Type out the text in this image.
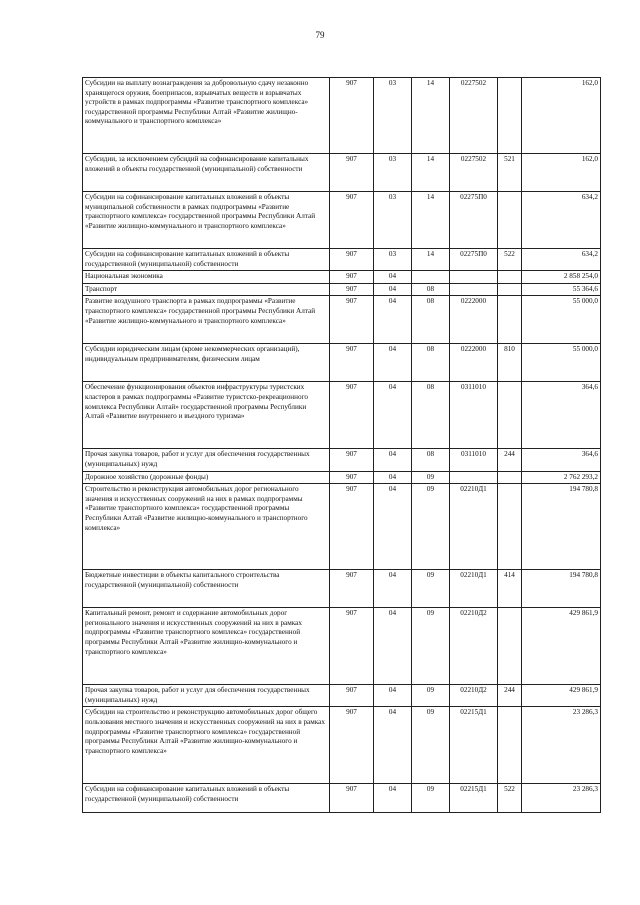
79
Субсидии на выплату вознаграждения за добровольную сдачу незаконно хранящегося оружия, боеприпасов, взрывчатых веществ и взрывчатых устройств в рамках подпрограммы «Развитие транспортного комплекса» государственной программы Республики Алтай «Развитие жилищно-коммунального и транспортного комплекса»	907	03	14	0227502		162,0
Субсидии, за исключением субсидий на софинансирование капитальных вложений в объекты государственной (муниципальной) собственности	907	03	14	0227502	521	162,0
Субсидии на софинансирование капитальных вложений в объекты муниципальной собственности в рамках подпрограммы «Развитие транспортного комплекса» государственной программы Республики Алтай «Развитие жилищно-коммунального и транспортного комплекса»	907	03	14	02275П0		634,2
Субсидии на софинансирование капитальных вложений в объекты государственной (муниципальной) собственности	907	03	14	02275П0	522	634,2
Национальная экономика	907	04				2 858 254,0
Транспорт	907	04	08			55 364,6
Развитие воздушного транспорта в рамках подпрограммы «Развитие транспортного комплекса» государственной программы Республики Алтай «Развитие жилищно-коммунального и транспортного комплекса»	907	04	08	0222000		55 000,0
Субсидии юридическим лицам (кроме некоммерческих организаций), индивидуальным предпринимателям, физическим лицам	907	04	08	0222000	810	55 000,0
Обеспечение функционирования объектов инфраструктуры туристских кластеров в рамках подпрограммы «Развитие туристско-рекреационного комплекса Республики Алтай» государственной программы Республики Алтай «Развитие внутреннего и въездного туризма»	907	04	08	0311010		364,6
Прочая закупка товаров, работ и услуг для обеспечения государственных (муниципальных) нужд	907	04	08	0311010	244	364,6
Дорожное хозяйство (дорожные фонды)	907	04	09			2 762 293,2
Строительство и реконструкция автомобильных дорог регионального значения и искусственных сооружений на них в рамках подпрограммы «Развитие транспортного комплекса» государственной программы Республики Алтай «Развитие жилищно-коммунального и транспортного комплекса»	907	04	09	02210Д1		194 780,8
Бюджетные инвестиции в объекты капитального строительства государственной (муниципальной) собственности	907	04	09	02210Д1	414	194 780,8
Капитальный ремонт, ремонт и содержание автомобильных дорог регионального значения и искусственных сооружений на них в рамках подпрограммы «Развитие транспортного комплекса» государственной программы Республики Алтай «Развитие жилищно-коммунального и транспортного комплекса»	907	04	09	02210Д2		429 861,9
Прочая закупка товаров, работ и услуг для обеспечения государственных (муниципальных) нужд	907	04	09	02210Д2	244	429 861,9
Субсидии на строительство и реконструкцию автомобильных дорог общего пользования местного значения и искусственных сооружений на них в рамках подпрограммы «Развитие транспортного комплекса» государственной программы Республики Алтай «Развитие жилищно-коммунального и транспортного комплекса»	907	04	09	02215Д1		23 286,3
Субсидии на софинансирование капитальных вложений в объекты государственной (муниципальной) собственности	907	04	09	02215Д1	522	23 286,3
